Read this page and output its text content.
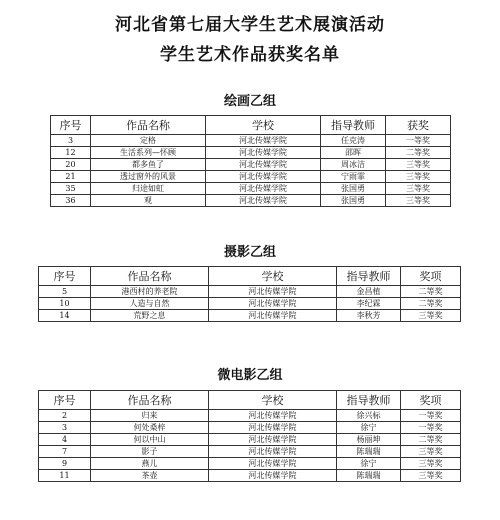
河北省第七届大学生艺术展演活动
学生艺术作品获奖名单
绘画乙组
序号	作品名称	学校	指导教师	获奖
3	定格	河北传媒学院	任克涛	一等奖
12	生活系列—怀顾	河北传媒学院	邵晖	二等奖
20	都多鱼了	河北传媒学院	周冰洁	三等奖
21	透过窗外的风景	河北传媒学院	宁雨霏	三等奖
35	归途如虹	河北传媒学院	张国勇	三等奖
36	观	河北传媒学院	张国勇	三等奖
摄影乙组
序号	作品名称	学校	指导教师	奖项
5	港西村的养老院	河北传媒学院	金昌植	二等奖
10	人造与自然	河北传媒学院	李纪霖	二等奖
14	荒野之息	河北传媒学院	李秋芳	三等奖
微电影乙组
序号	作品名称	学校	指导教师	奖项
2	归来	河北传媒学院	徐兴标	一等奖
3	何处桑梓	河北传媒学院	徐宁	一等奖
4	何以中山	河北传媒学院	杨丽坤	二等奖
7	影子	河北传媒学院	陈瑞瑞	三等奖
9	燕儿	河北传媒学院	徐宁	三等奖
11	茶壶	河北传媒学院	陈瑞瑞	三等奖
